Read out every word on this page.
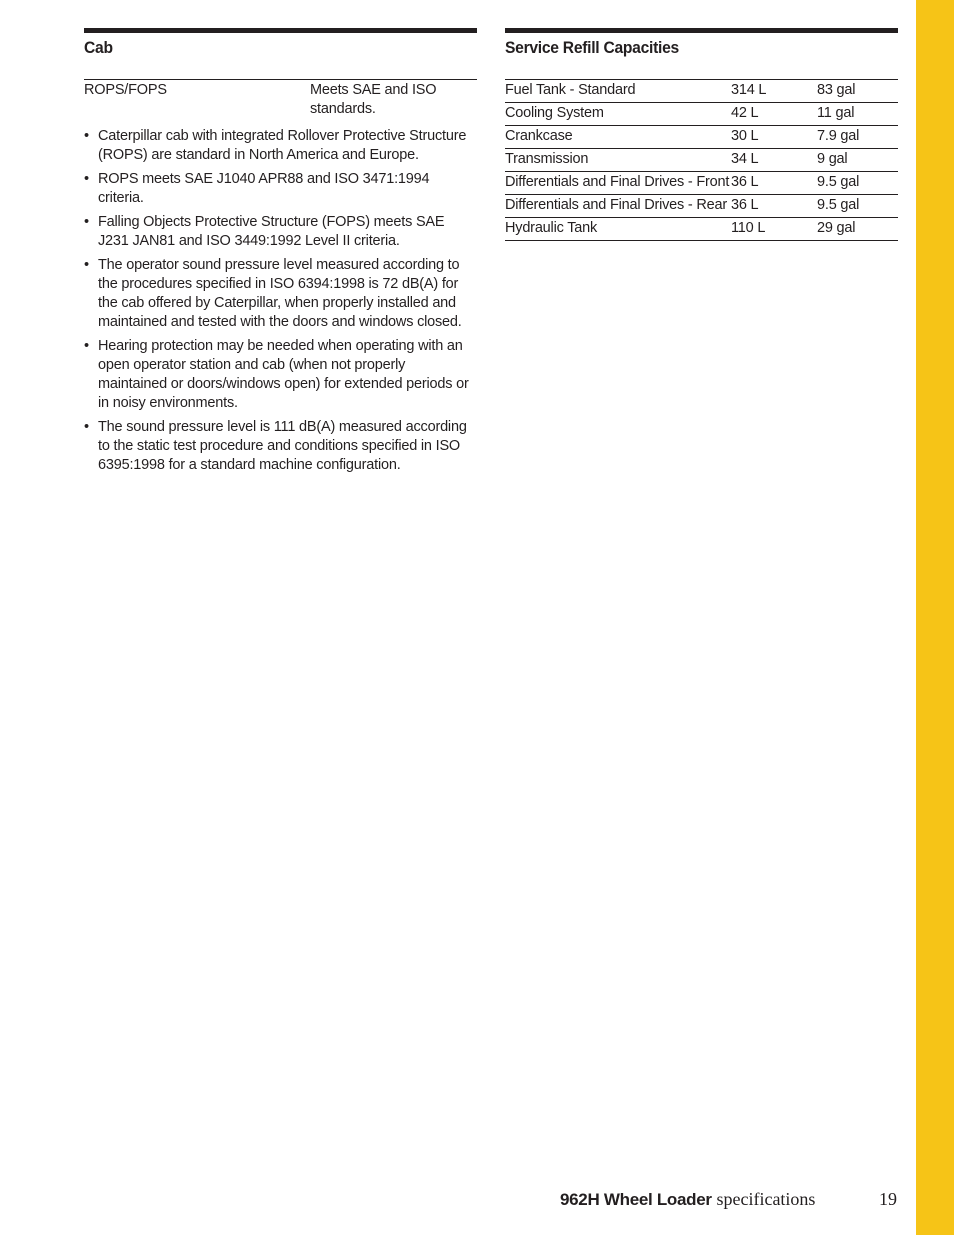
Cab
ROPS/FOPS	Meets SAE and ISO standards.
• Caterpillar cab with integrated Rollover Protective Structure (ROPS) are standard in North America and Europe.
• ROPS meets SAE J1040 APR88 and ISO 3471:1994 criteria.
• Falling Objects Protective Structure (FOPS) meets SAE J231 JAN81 and ISO 3449:1992 Level II criteria.
• The operator sound pressure level measured according to the procedures specified in ISO 6394:1998 is 72 dB(A) for the cab offered by Caterpillar, when properly installed and maintained and tested with the doors and windows closed.
• Hearing protection may be needed when operating with an open operator station and cab (when not properly maintained or doors/windows open) for extended periods or in noisy environments.
• The sound pressure level is 111 dB(A) measured according to the static test procedure and conditions specified in ISO 6395:1998 for a standard machine configuration.
Service Refill Capacities
Fuel Tank - Standard	314 L	83 gal
Cooling System	42 L	11 gal
Crankcase	30 L	7.9 gal
Transmission	34 L	9 gal
Differentials and Final Drives - Front 36 L	9.5 gal
Differentials and Final Drives - Rear 36 L	9.5 gal
Hydraulic Tank	110 L	29 gal
962H Wheel Loader specifications	19
